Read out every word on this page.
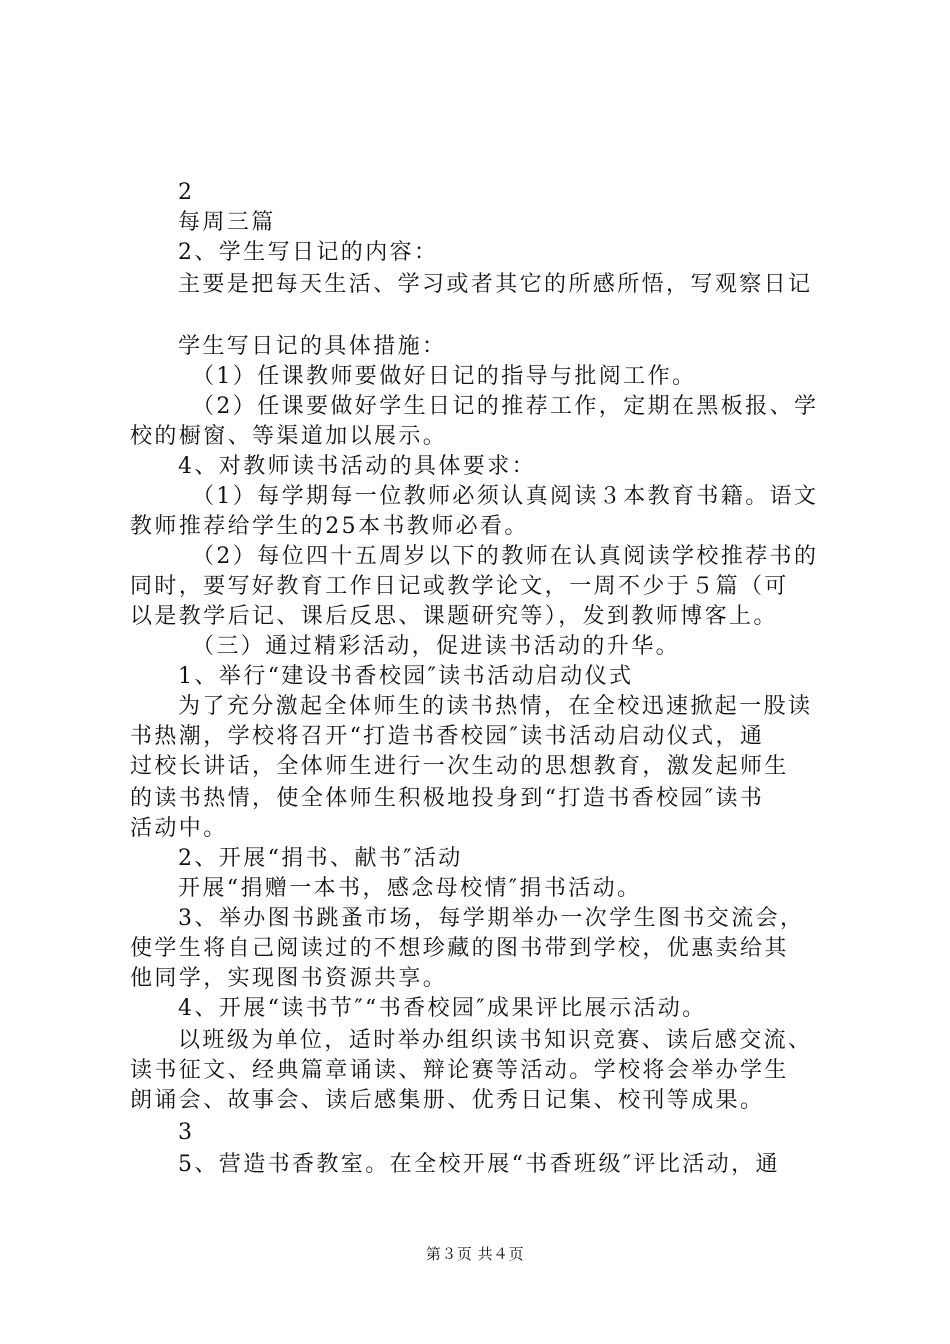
2
每周三篇
2、学生写日记的内容：
主要是把每天生活、学习或者其它的所感所悟，写观察日记
学生写日记的具体措施：
（1）任课教师要做好日记的指导与批阅工作。
（2）任课要做好学生日记的推荐工作，定期在黑板报、学
校的橱窗、等渠道加以展示。
4、对教师读书活动的具体要求：
（1）每学期每一位教师必须认真阅读３本教育书籍。语文
教师推荐给学生的25本书教师必看。
（2）每位四十五周岁以下的教师在认真阅读学校推荐书的
同时，要写好教育工作日记或教学论文，一周不少于５篇（可
以是教学后记、课后反思、课题研究等），发到教师博客上。
（三）通过精彩活动，促进读书活动的升华。
1、举行“建设书香校园″读书活动启动仪式
为了充分激起全体师生的读书热情，在全校迅速掀起一股读
书热潮，学校将召开“打造书香校园″读书活动启动仪式，通
过校长讲话，全体师生进行一次生动的思想教育，激发起师生
的读书热情，使全体师生积极地投身到“打造书香校园″读书
活动中。
2、开展“捐书、献书″活动
开展“捐赠一本书，感念母校情″捐书活动。
3、举办图书跳蚤市场，每学期举办一次学生图书交流会，
使学生将自己阅读过的不想珍藏的图书带到学校，优惠卖给其
他同学，实现图书资源共享。
4、开展“读书节″“书香校园″成果评比展示活动。
以班级为单位，适时举办组织读书知识竞赛、读后感交流、
读书征文、经典篇章诵读、辩论赛等活动。学校将会举办学生
朗诵会、故事会、读后感集册、优秀日记集、校刊等成果。
3
5、营造书香教室。在全校开展“书香班级″评比活动，通
第３页 共４页
